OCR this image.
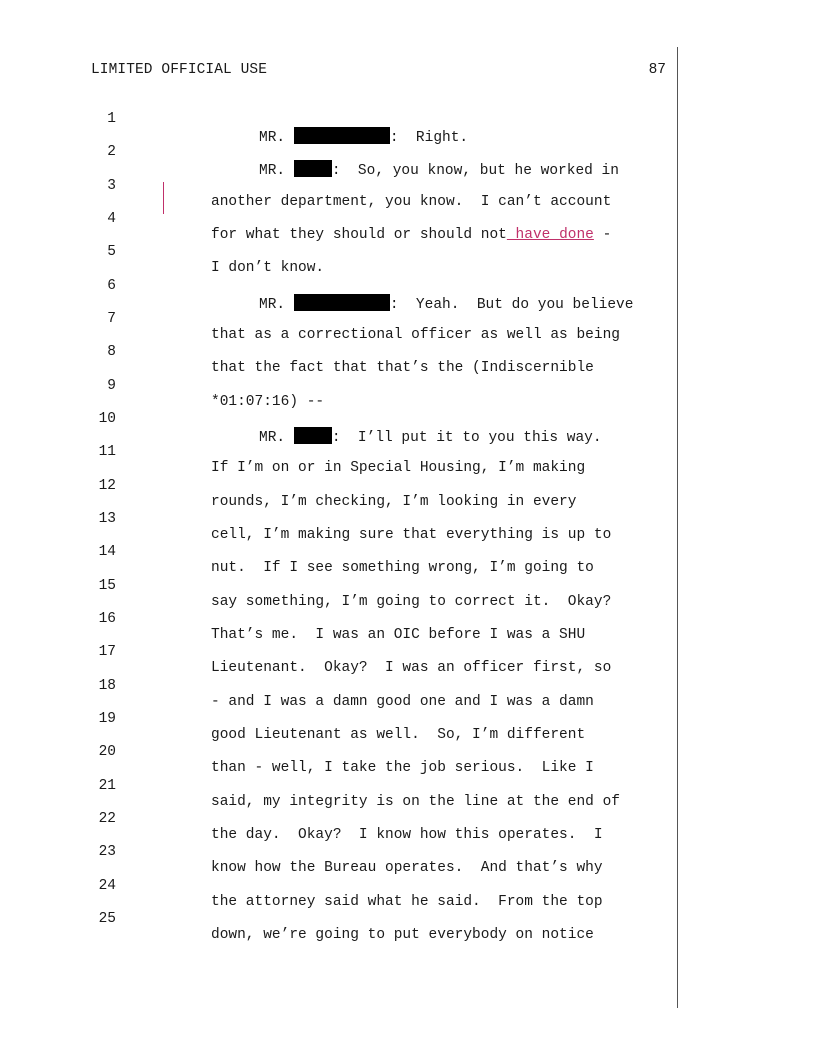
LIMITED OFFICIAL USE	87

1

MR.	:  Right.

2

MR.	:  So, you know, but he worked in

3

another department, you know.  I can’t account

4

for what they should or should not have done -

5

I don’t know.

6

MR.	:  Yeah.  But do you believe

7

that as a correctional officer as well as being

8

that the fact that that’s the (Indiscernible

9

*01:07:16) --

10

MR.	:  I’ll put it to you this way.

11

If I’m on or in Special Housing, I’m making

12

rounds, I’m checking, I’m looking in every

13

cell, I’m making sure that everything is up to

14

nut.  If I see something wrong, I’m going to

15

say something, I’m going to correct it.  Okay?

16

That’s me.  I was an OIC before I was a SHU

17

Lieutenant.  Okay?  I was an officer first, so

18

- and I was a damn good one and I was a damn

19

good Lieutenant as well.  So, I’m different

20

than - well, I take the job serious.  Like I

21

said, my integrity is on the line at the end of

22

the day.  Okay?  I know how this operates.  I

23

know how the Bureau operates.  And that’s why

24

the attorney said what he said.  From the top

25

down, we’re going to put everybody on notice
